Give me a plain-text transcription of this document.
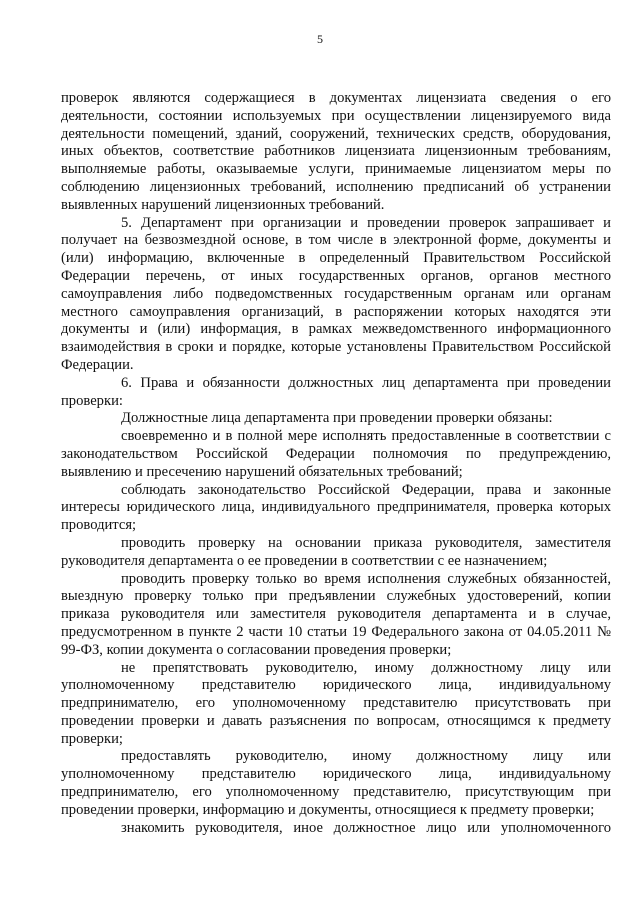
5

проверок являются содержащиеся в документах лицензиата сведения о его деятельности, состоянии используемых при осуществлении лицензируемого вида деятельности помещений, зданий, сооружений, технических средств, оборудования, иных объектов, соответствие работников лицензиата лицензионным требованиям, выполняемые работы, оказываемые услуги, принимаемые лицензиатом меры по соблюдению лицензионных требований, исполнению предписаний об устранении выявленных нарушений лицензионных требований.

5. Департамент при организации и проведении проверок запрашивает и получает на безвозмездной основе, в том числе в электронной форме, документы и (или) информацию, включенные в определенный Правительством Российской Федерации перечень, от иных государственных органов, органов местного самоуправления либо подведомственных государственным органам или органам местного самоуправления организаций, в распоряжении которых находятся эти документы и (или) информация, в рамках межведомственного информационного взаимодействия в сроки и порядке, которые установлены Правительством Российской Федерации.

6. Права и обязанности должностных лиц департамента при проведении проверки:

Должностные лица департамента при проведении проверки обязаны:

своевременно и в полной мере исполнять предоставленные в соответствии с законодательством Российской Федерации полномочия по предупреждению, выявлению и пресечению нарушений обязательных требований;

соблюдать законодательство Российской Федерации, права и законные интересы юридического лица, индивидуального предпринимателя, проверка которых проводится;

проводить проверку на основании приказа руководителя, заместителя руководителя департамента о ее проведении в соответствии с ее назначением;

проводить проверку только во время исполнения служебных обязанностей, выездную проверку только при предъявлении служебных удостоверений, копии приказа руководителя или заместителя руководителя департамента и в случае, предусмотренном в пункте 2 части 10 статьи 19 Федерального закона от 04.05.2011 № 99-ФЗ, копии документа о согласовании проведения проверки;

не препятствовать руководителю, иному должностному лицу или уполномоченному представителю юридического лица, индивидуальному предпринимателю, его уполномоченному представителю присутствовать при проведении проверки и давать разъяснения по вопросам, относящимся к предмету проверки;

предоставлять руководителю, иному должностному лицу или уполномоченному представителю юридического лица, индивидуальному предпринимателю, его уполномоченному представителю, присутствующим при проведении проверки, информацию и документы, относящиеся к предмету проверки;

знакомить руководителя, иное должностное лицо или уполномоченного
